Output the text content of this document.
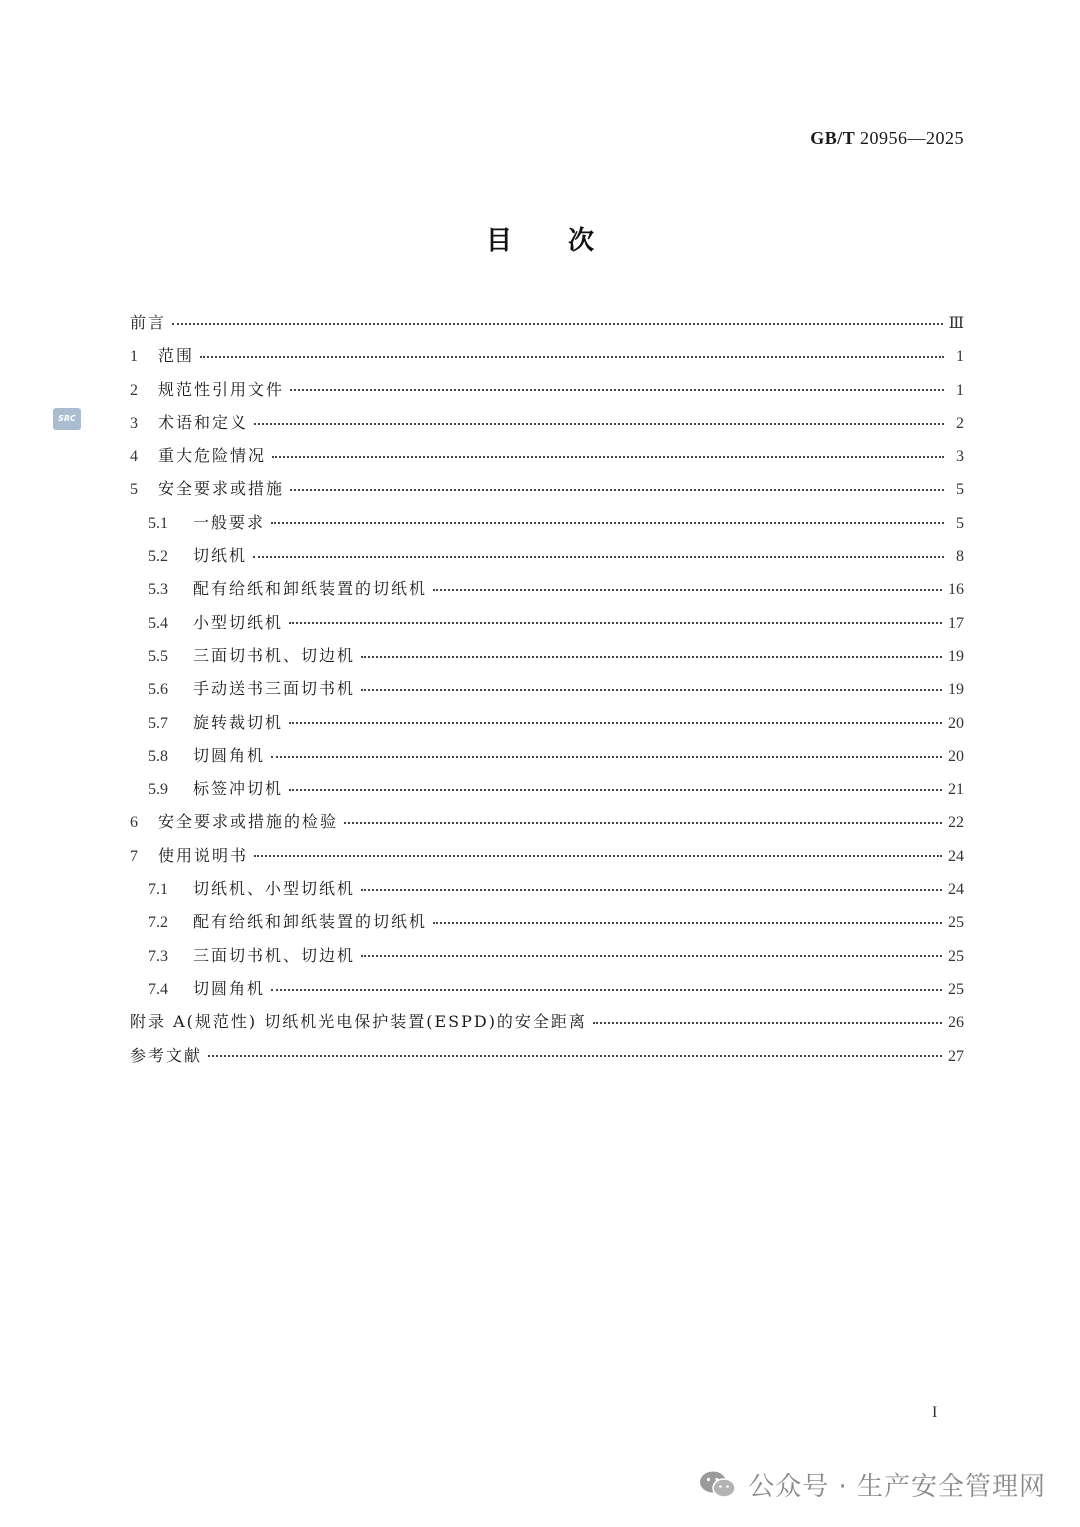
GB/T 20956—2025
目 次
SRC
前言	Ⅲ
1	范围	1
2	规范性引用文件	1
3	术语和定义	2
4	重大危险情况	3
5	安全要求或措施	5
5.1	一般要求	5
5.2	切纸机	8
5.3	配有给纸和卸纸装置的切纸机	16
5.4	小型切纸机	17
5.5	三面切书机、切边机	19
5.6	手动送书三面切书机	19
5.7	旋转裁切机	20
5.8	切圆角机	20
5.9	标签冲切机	21
6	安全要求或措施的检验	22
7	使用说明书	24
7.1	切纸机、小型切纸机	24
7.2	配有给纸和卸纸装置的切纸机	25
7.3	三面切书机、切边机	25
7.4	切圆角机	25
附录 A(规范性) 切纸机光电保护装置(ESPD)的安全距离	26
参考文献	27
I
公众号 · 生产安全管理网
